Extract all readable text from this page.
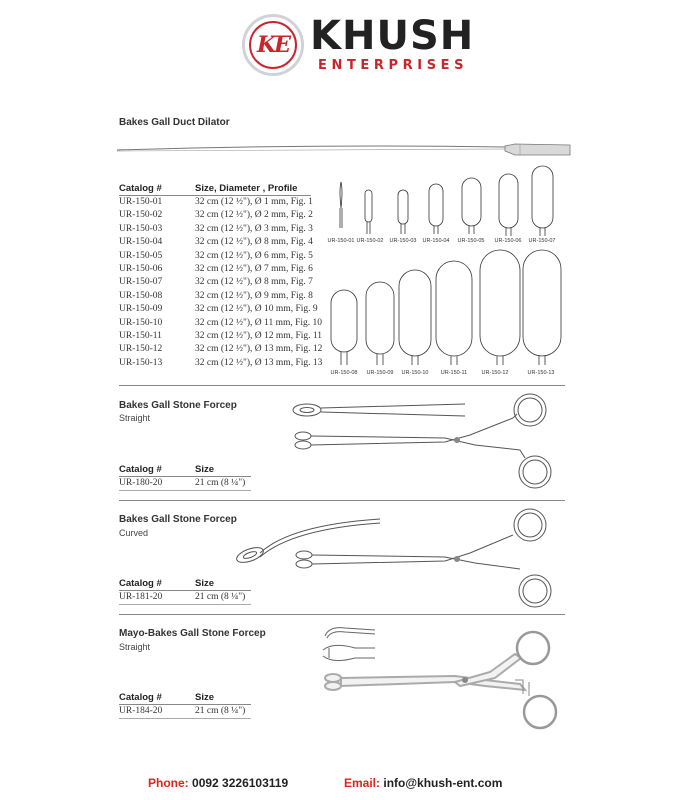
KE KHUSH
ENTERPRISES
Bakes Gall Duct Dilator
Catalog #	Size, Diameter , Profile
UR-150-01	32 cm (12 ½"), Ø 1 mm, Fig. 1
UR-150-02	32 cm (12 ½"), Ø 2 mm, Fig. 2
UR-150-03	32 cm (12 ½"), Ø 3 mm, Fig. 3
UR-150-04	32 cm (12 ½"), Ø 8 mm, Fig. 4
UR-150-05	32 cm (12 ½"), Ø 6 mm, Fig. 5
UR-150-06	32 cm (12 ½"), Ø 7 mm, Fig. 6
UR-150-07	32 cm (12 ½"), Ø 8 mm, Fig. 7
UR-150-08	32 cm (12 ½"), Ø 9 mm, Fig. 8
UR-150-09	32 cm (12 ½"), Ø 10 mm, Fig. 9
UR-150-10	32 cm (12 ½"), Ø 11 mm, Fig. 10
UR-150-11	32 cm (12 ½"), Ø 12 mm, Fig. 11
UR-150-12	32 cm (12 ½"), Ø 13 mm, Fig. 12
UR-150-13	32 cm (12 ½"), Ø 13 mm, Fig. 13
UR-150-01 UR-150-02	UR-150-03	UR-150-04	UR-150-05	UR-150-06	UR-150-07
UR-150-08	UR-150-09	UR-150-10	UR-150-11	UR-150-12	UR-150-13
Bakes Gall Stone Forcep
Straight
Catalog #	Size
UR-180-20	21 cm (8 ¼")
Bakes Gall Stone Forcep
Curved
Catalog #	Size
UR-181-20	21 cm (8 ¼")
Mayo-Bakes Gall Stone Forcep
Straight
Catalog #	Size
UR-184-20	21 cm (8 ¼")
Phone: 0092 3226103119	Email: info@khush-ent.com
